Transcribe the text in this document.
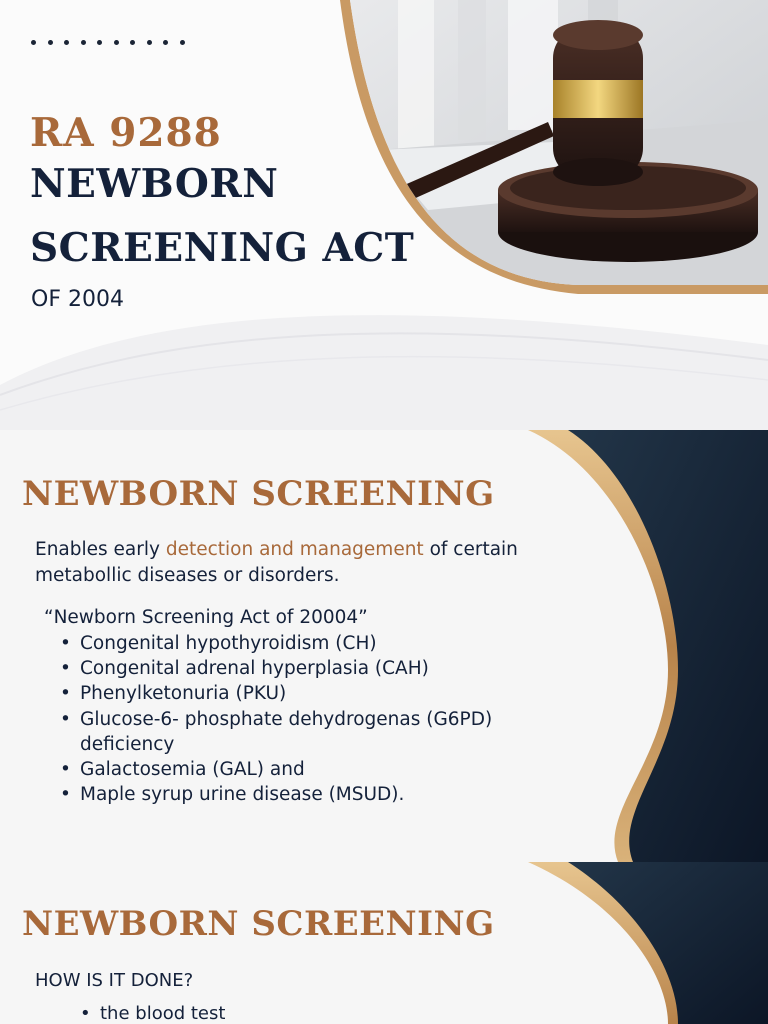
RA 9288
NEWBORN
SCREENING ACT
OF 2004
NEWBORN SCREENING

Enables early detection and management of certain metabollic diseases or disorders.

“Newborn Screening Act of 20004”

• Congenital hypothyroidism (CH)
• Congenital adrenal hyperplasia (CAH)
• Phenylketonuria (PKU)
• Glucose-6- phosphate dehydrogenas (G6PD) deficiency
• Galactosemia (GAL) and
• Maple syrup urine disease (MSUD).
NEWBORN SCREENING

HOW IS IT DONE?

• the blood test
